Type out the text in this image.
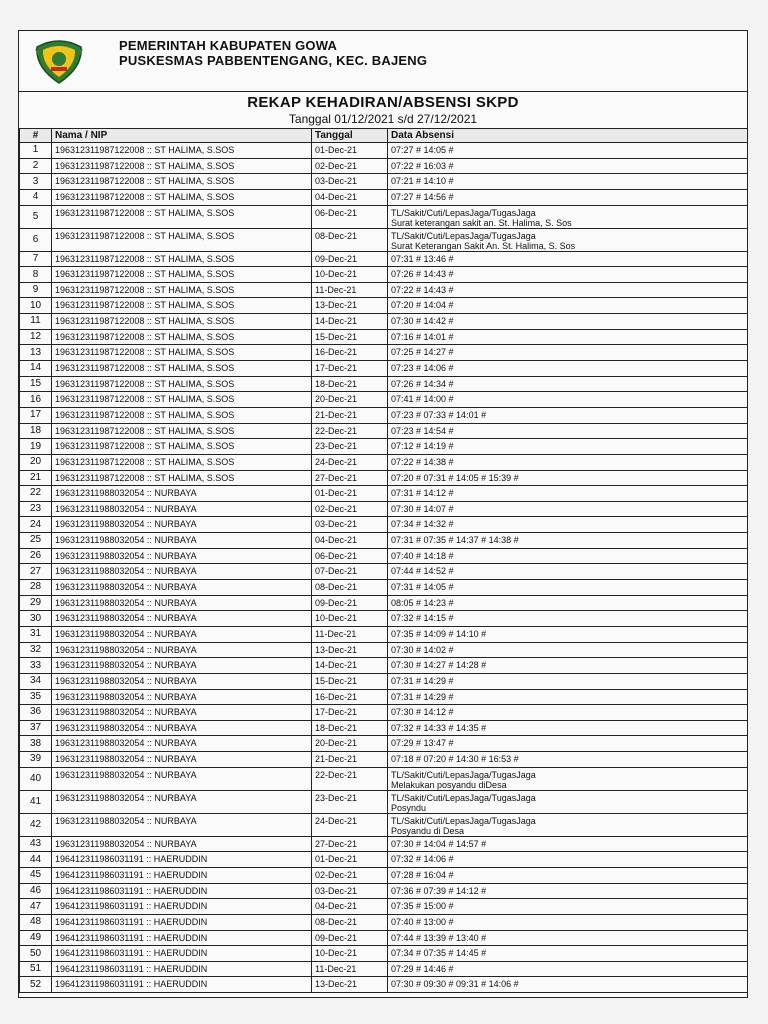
PEMERINTAH KABUPATEN GOWA
PUSKESMAS PABBENTENGANG, KEC. BAJENG
REKAP KEHADIRAN/ABSENSI SKPD
Tanggal 01/12/2021 s/d 27/12/2021
#	Nama / NIP	Tanggal	Data Absensi
1	196312311987122008 :: ST HALIMA, S.SOS	01-Dec-21	07:27 # 14:05 #

2	196312311987122008 :: ST HALIMA, S.SOS	02-Dec-21	07:22 # 16:03 #

3	196312311987122008 :: ST HALIMA, S.SOS	03-Dec-21	07:21 # 14:10 #

4	196312311987122008 :: ST HALIMA, S.SOS	04-Dec-21	07:27 # 14:56 #

5	196312311987122008 :: ST HALIMA, S.SOS	06-Dec-21	TL/Sakit/Cuti/LepasJaga/TugasJaga
Surat keterangan sakit an. St. Halima, S. Sos

6	196312311987122008 :: ST HALIMA, S.SOS	08-Dec-21	TL/Sakit/Cuti/LepasJaga/TugasJaga
Surat Keterangan Sakit An. St. Halima, S. Sos

7	196312311987122008 :: ST HALIMA, S.SOS	09-Dec-21	07:31 # 13:46 #

8	196312311987122008 :: ST HALIMA, S.SOS	10-Dec-21	07:26 # 14:43 #

9	196312311987122008 :: ST HALIMA, S.SOS	11-Dec-21	07:22 # 14:43 #

10	196312311987122008 :: ST HALIMA, S.SOS	13-Dec-21	07:20 # 14:04 #

11	196312311987122008 :: ST HALIMA, S.SOS	14-Dec-21	07:30 # 14:42 #

12	196312311987122008 :: ST HALIMA, S.SOS	15-Dec-21	07:16 # 14:01 #

13	196312311987122008 :: ST HALIMA, S.SOS	16-Dec-21	07:25 # 14:27 #

14	196312311987122008 :: ST HALIMA, S.SOS	17-Dec-21	07:23 # 14:06 #

15	196312311987122008 :: ST HALIMA, S.SOS	18-Dec-21	07:26 # 14:34 #

16	196312311987122008 :: ST HALIMA, S.SOS	20-Dec-21	07:41 # 14:00 #

17	196312311987122008 :: ST HALIMA, S.SOS	21-Dec-21	07:23 # 07:33 # 14:01 #

18	196312311987122008 :: ST HALIMA, S.SOS	22-Dec-21	07:23 # 14:54 #

19	196312311987122008 :: ST HALIMA, S.SOS	23-Dec-21	07:12 # 14:19 #

20	196312311987122008 :: ST HALIMA, S.SOS	24-Dec-21	07:22 # 14:38 #

21	196312311987122008 :: ST HALIMA, S.SOS	27-Dec-21	07:20 # 07:31 # 14:05 # 15:39 #

22	196312311988032054 :: NURBAYA	01-Dec-21	07:31 # 14:12 #

23	196312311988032054 :: NURBAYA	02-Dec-21	07:30 # 14:07 #

24	196312311988032054 :: NURBAYA	03-Dec-21	07:34 # 14:32 #

25	196312311988032054 :: NURBAYA	04-Dec-21	07:31 # 07:35 # 14:37 # 14:38 #

26	196312311988032054 :: NURBAYA	06-Dec-21	07:40 # 14:18 #

27	196312311988032054 :: NURBAYA	07-Dec-21	07:44 # 14:52 #

28	196312311988032054 :: NURBAYA	08-Dec-21	07:31 # 14:05 #

29	196312311988032054 :: NURBAYA	09-Dec-21	08:05 # 14:23 #

30	196312311988032054 :: NURBAYA	10-Dec-21	07:32 # 14:15 #

31	196312311988032054 :: NURBAYA	11-Dec-21	07:35 # 14:09 # 14:10 #

32	196312311988032054 :: NURBAYA	13-Dec-21	07:30 # 14:02 #

33	196312311988032054 :: NURBAYA	14-Dec-21	07:30 # 14:27 # 14:28 #

34	196312311988032054 :: NURBAYA	15-Dec-21	07:31 # 14:29 #

35	196312311988032054 :: NURBAYA	16-Dec-21	07:31 # 14:29 #

36	196312311988032054 :: NURBAYA	17-Dec-21	07:30 # 14:12 #

37	196312311988032054 :: NURBAYA	18-Dec-21	07:32 # 14:33 # 14:35 #

38	196312311988032054 :: NURBAYA	20-Dec-21	07:29 # 13:47 #

39	196312311988032054 :: NURBAYA	21-Dec-21	07:18 # 07:20 # 14:30 # 16:53 #

40	196312311988032054 :: NURBAYA	22-Dec-21	TL/Sakit/Cuti/LepasJaga/TugasJaga
Melakukan posyandu diDesa

41	196312311988032054 :: NURBAYA	23-Dec-21	TL/Sakit/Cuti/LepasJaga/TugasJaga
Posyndu

42	196312311988032054 :: NURBAYA	24-Dec-21	TL/Sakit/Cuti/LepasJaga/TugasJaga
Posyandu di Desa

43	196312311988032054 :: NURBAYA	27-Dec-21	07:30 # 14:04 # 14:57 #

44	196412311986031191 :: HAERUDDIN	01-Dec-21	07:32 # 14:06 #

45	196412311986031191 :: HAERUDDIN	02-Dec-21	07:28 # 16:04 #

46	196412311986031191 :: HAERUDDIN	03-Dec-21	07:36 # 07:39 # 14:12 #

47	196412311986031191 :: HAERUDDIN	04-Dec-21	07:35 # 15:00 #

48	196412311986031191 :: HAERUDDIN	08-Dec-21	07:40 # 13:00 #

49	196412311986031191 :: HAERUDDIN	09-Dec-21	07:44 # 13:39 # 13:40 #

50	196412311986031191 :: HAERUDDIN	10-Dec-21	07:34 # 07:35 # 14:45 #

51	196412311986031191 :: HAERUDDIN	11-Dec-21	07:29 # 14:46 #

52	196412311986031191 :: HAERUDDIN	13-Dec-21	07:30 # 09:30 # 09:31 # 14:06 #
